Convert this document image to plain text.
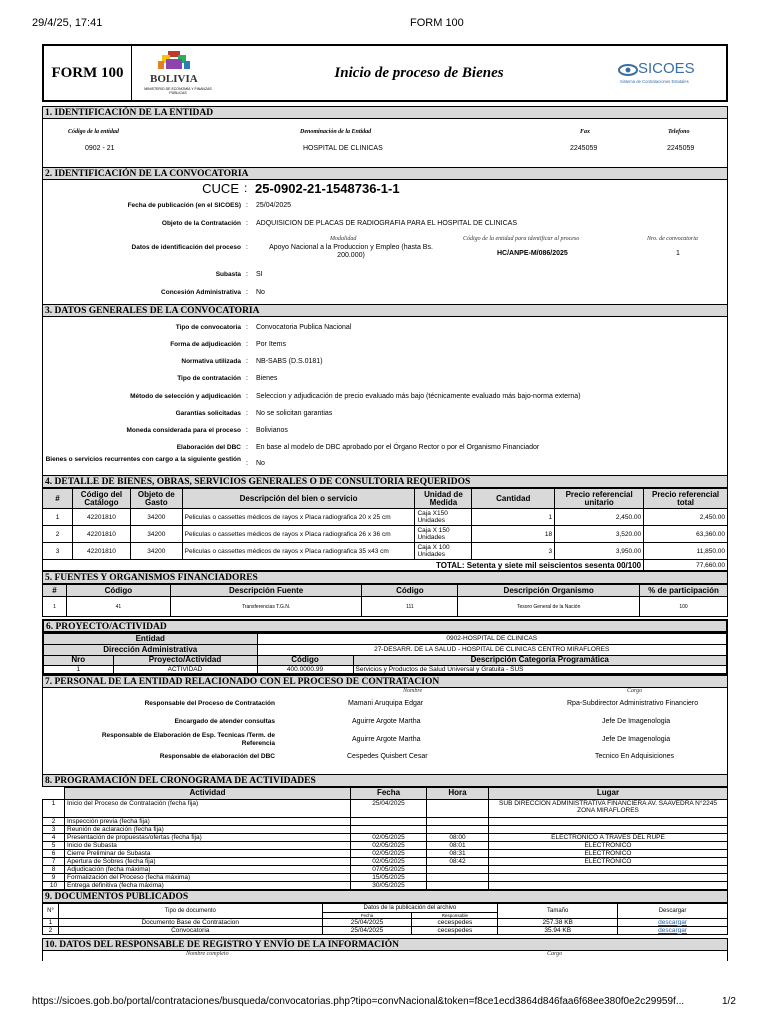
29/4/25, 17:41	FORM 100
FORM 100	BOLIVIA
MINISTERIO DE ECONOMÍA Y FINANZAS PÚBLICAS
Inicio de proceso de Bienes	SICOES
Sistema de Contrataciones Estatales
1. IDENTIFICACIÓN DE LA ENTIDAD
Código de la entidad	Denominación de la Entidad	Fax	Telefono
0902 - 21	HOSPITAL DE CLINICAS	2245059	2245059
2. IDENTIFICACIÓN DE LA CONVOCATORIA
CUCE : 25-0902-21-1548736-1-1
Fecha de publicación (en el SICOES) : 25/04/2025
Objeto de la Contratación : ADQUISICION DE PLACAS DE RADIOGRAFIA PARA EL HOSPITAL DE CLINICAS
Modalidad	Código de la entidad para identificar al proceso	Nro. de convocatoria
Datos de identificación del proceso :	Apoyo Nacional a la Produccion y Empleo (hasta Bs. 200.000)	HC/ANPE-M/086/2025	1
Subasta : SI
Concesión Administrativa : No
3. DATOS GENERALES DE LA CONVOCATORIA
Tipo de convocatoria : Convocatoria Publica Nacional
Forma de adjudicación : Por Items
Normativa utilizada : NB-SABS (D.S.0181)
Tipo de contratación : Bienes
Método de selección y adjudicación : Seleccion y adjudicación de precio evaluado más bajo (técnicamente evaluado más bajo-norma externa)
Garantías solicitadas : No se solicitan garantias
Moneda considerada para el proceso : Bolivianos
Elaboración del DBC : En base al modelo de DBC aprobado por el Órgano Rector o por el Organismo Financiador
Bienes o servicios recurrentes con cargo a la siguiente gestión
: No
4. DETALLE DE BIENES, OBRAS, SERVICIOS GENERALES O DE CONSULTORIA REQUERIDOS
#	Código del Catálogo	Objeto de Gasto	Descripción del bien o servicio	Unidad de Medida	Cantidad	Precio referencial unitario	Precio referencial total
1	42201810	34200	Peliculas o cassettes médicos de rayos x Placa radiografica 20 x 25 cm	Caja X150 Unidades	1	2,450.00	2,450.00
2	42201810	34200	Peliculas o cassettes médicos de rayos x Placa radiografica 26 x 36 cm	Caja X 150 Unidades	18	3,520.00	63,360.00
3	42201810	34200	Peliculas o cassettes médicos de rayos x Placa radiografica 35 x43 cm	Caja X 100 Unidades	3	3,950.00	11,850.00
TOTAL: Setenta y siete mil seiscientos sesenta 00/100							77,660.00
5. FUENTES Y ORGANISMOS FINANCIADORES
#	Código	Descripción Fuente	Código	Descripción Organismo	% de participación
1	41	Transferencias T.G.N.	111	Tesoro General de la Nación	100
6. PROYECTO/ACTIVIDAD
Entidad		0902-HOSPITAL DE CLINICAS	
Dirección Administrativa		27-DESARR. DE LA SALUD - HOSPITAL DE CLINICAS CENTRO MIRAFLORES	
Nro	Proyecto/Actividad	Código	Descripción Categoría Programática
1	ACTIVIDAD	400.0000.99	Servicios y Productos de Salud Universal y Gratuita - SUS
7. PERSONAL DE LA ENTIDAD RELACIONADO CON EL PROCESO DE CONTRATACION
Nombre	Cargo
Responsable del Proceso de Contratación	Mamani Aruquipa Edgar	Rpa-Subdirector Administrativo Financiero
Encargado de atender consultas	Aguirre Argote Martha	Jefe De Imagenologia
Responsable de Elaboración de Esp. Tecnicas /Term. de Referencia
Aguirre Argote Martha	Jefe De Imagenologia
Responsable de elaboración del DBC	Cespedes Quisbert Cesar	Tecnico En Adquisiciones
8. PROGRAMACIÓN DEL CRONOGRAMA DE ACTIVIDADES
	Actividad	Fecha	Hora	Lugar
1	Inicio del Proceso de Contratación (fecha fija)	25/04/2025		SUB DIRECCION ADMINISTRATIVA FINANCIERA AV. SAAVEDRA N°2245 ZONA MIRAFLORES
2	Inspección previa (fecha fija)			
3	Reunión de aclaración (fecha fija)			
4	Presentación de propuestas/ofertas (fecha fija)	02/05/2025	08:00	ELECTRONICO A TRAVES DEL RUPE
5	Inicio de Subasta	02/05/2025	08:01	ELECTRONICO
6	Cierre Preliminar de Subasta	02/05/2025	08:31	ELECTRONICO
7	Apertura de Sobres (fecha fija)	02/05/2025	08:42	ELECTRONICO
8	Adjudicación (fecha máxima)	07/05/2025		
9	Formalización del Proceso (fecha máxima)	15/05/2025		
10	Entrega definitiva (fecha máxima)	30/05/2025		
9. DOCUMENTOS PUBLICADOS
N°	Tipo de documento	Datos de la publicación del archivo		Tamaño	Descargar
		Fecha	Responsable		
1	Documento Base de Contratacion	25/04/2025	cecespedes	257.38 KB	descargar
2	Convocatoria	25/04/2025	cecespedes	35.94 KB	descargar
10. DATOS DEL RESPONSABLE DE REGISTRO Y ENVÍO DE LA INFORMACIÓN
Nombre completo	Cargo
https://sicoes.gob.bo/portal/contrataciones/busqueda/convocatorias.php?tipo=convNacional&token=f8ce1ecd3864d846faa6f68ee380f0e2c29959f...	1/2
